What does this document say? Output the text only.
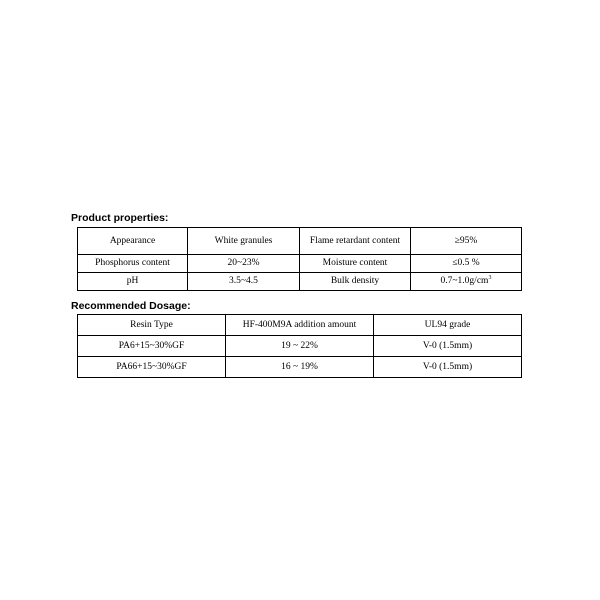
Product properties:
Appearance	White granules	Flame retardant content	≥95%
Phosphorus content	20~23%	Moisture content	≤0.5 %
pH	3.5~4.5	Bulk density	$0.7\sim 1.0g/cm^3$
Recommended Dosage:
Resin Type	HF-400M9A addition amount	UL94 grade
PA6+15~30%GF	19 ~ 22%	V-0 (1.5mm)
PA66+15~30%GF	16 ~ 19%	V-0 (1.5mm)
